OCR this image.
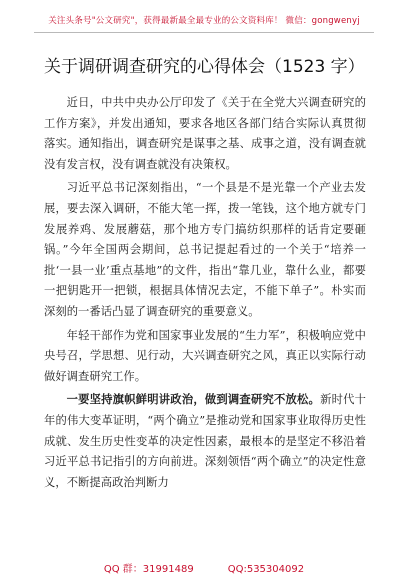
关注头条号"公文研究"，获得最新最全最专业的公文资料库！ 微信：gongwenyj
关于调研调查研究的心得体会（1523 字）

近日，中共中央办公厅印发了《关于在全党大兴调查研究的工作方案》，并发出通知，要求各地区各部门结合实际认真贯彻落实。通知指出，调查研究是谋事之基、成事之道，没有调查就没有发言权，没有调查就没有决策权。

习近平总书记深刻指出，“一个县是不是光靠一个产业去发展，要去深入调研，不能大笔一挥，拨一笔钱，这个地方就专门发展养鸡、发展蘑菇，那个地方专门搞纺织那样的话肯定要砸锅。”今年全国两会期间，总书记提起看过的一个关于“培养一批‘一县一业’重点基地”的文件，指出“靠几业，靠什么业，都要一把钥匙开一把锁，根据具体情况去定，不能下单子”。朴实而深刻的一番话凸显了调查研究的重要意义。

年轻干部作为党和国家事业发展的“生力军”，积极响应党中央号召，学思想、见行动，大兴调查研究之风，真正以实际行动做好调查研究工作。

一要坚持旗帜鲜明讲政治，做到调查研究不放松。新时代十年的伟大变革证明，“两个确立”是推动党和国家事业取得历史性成就、发生历史性变革的决定性因素，最根本的是坚定不移沿着习近平总书记指引的方向前进。深刻领悟“两个确立”的决定性意义，不断提高政治判断力

QQ 群：31991489	QQ:535304092
